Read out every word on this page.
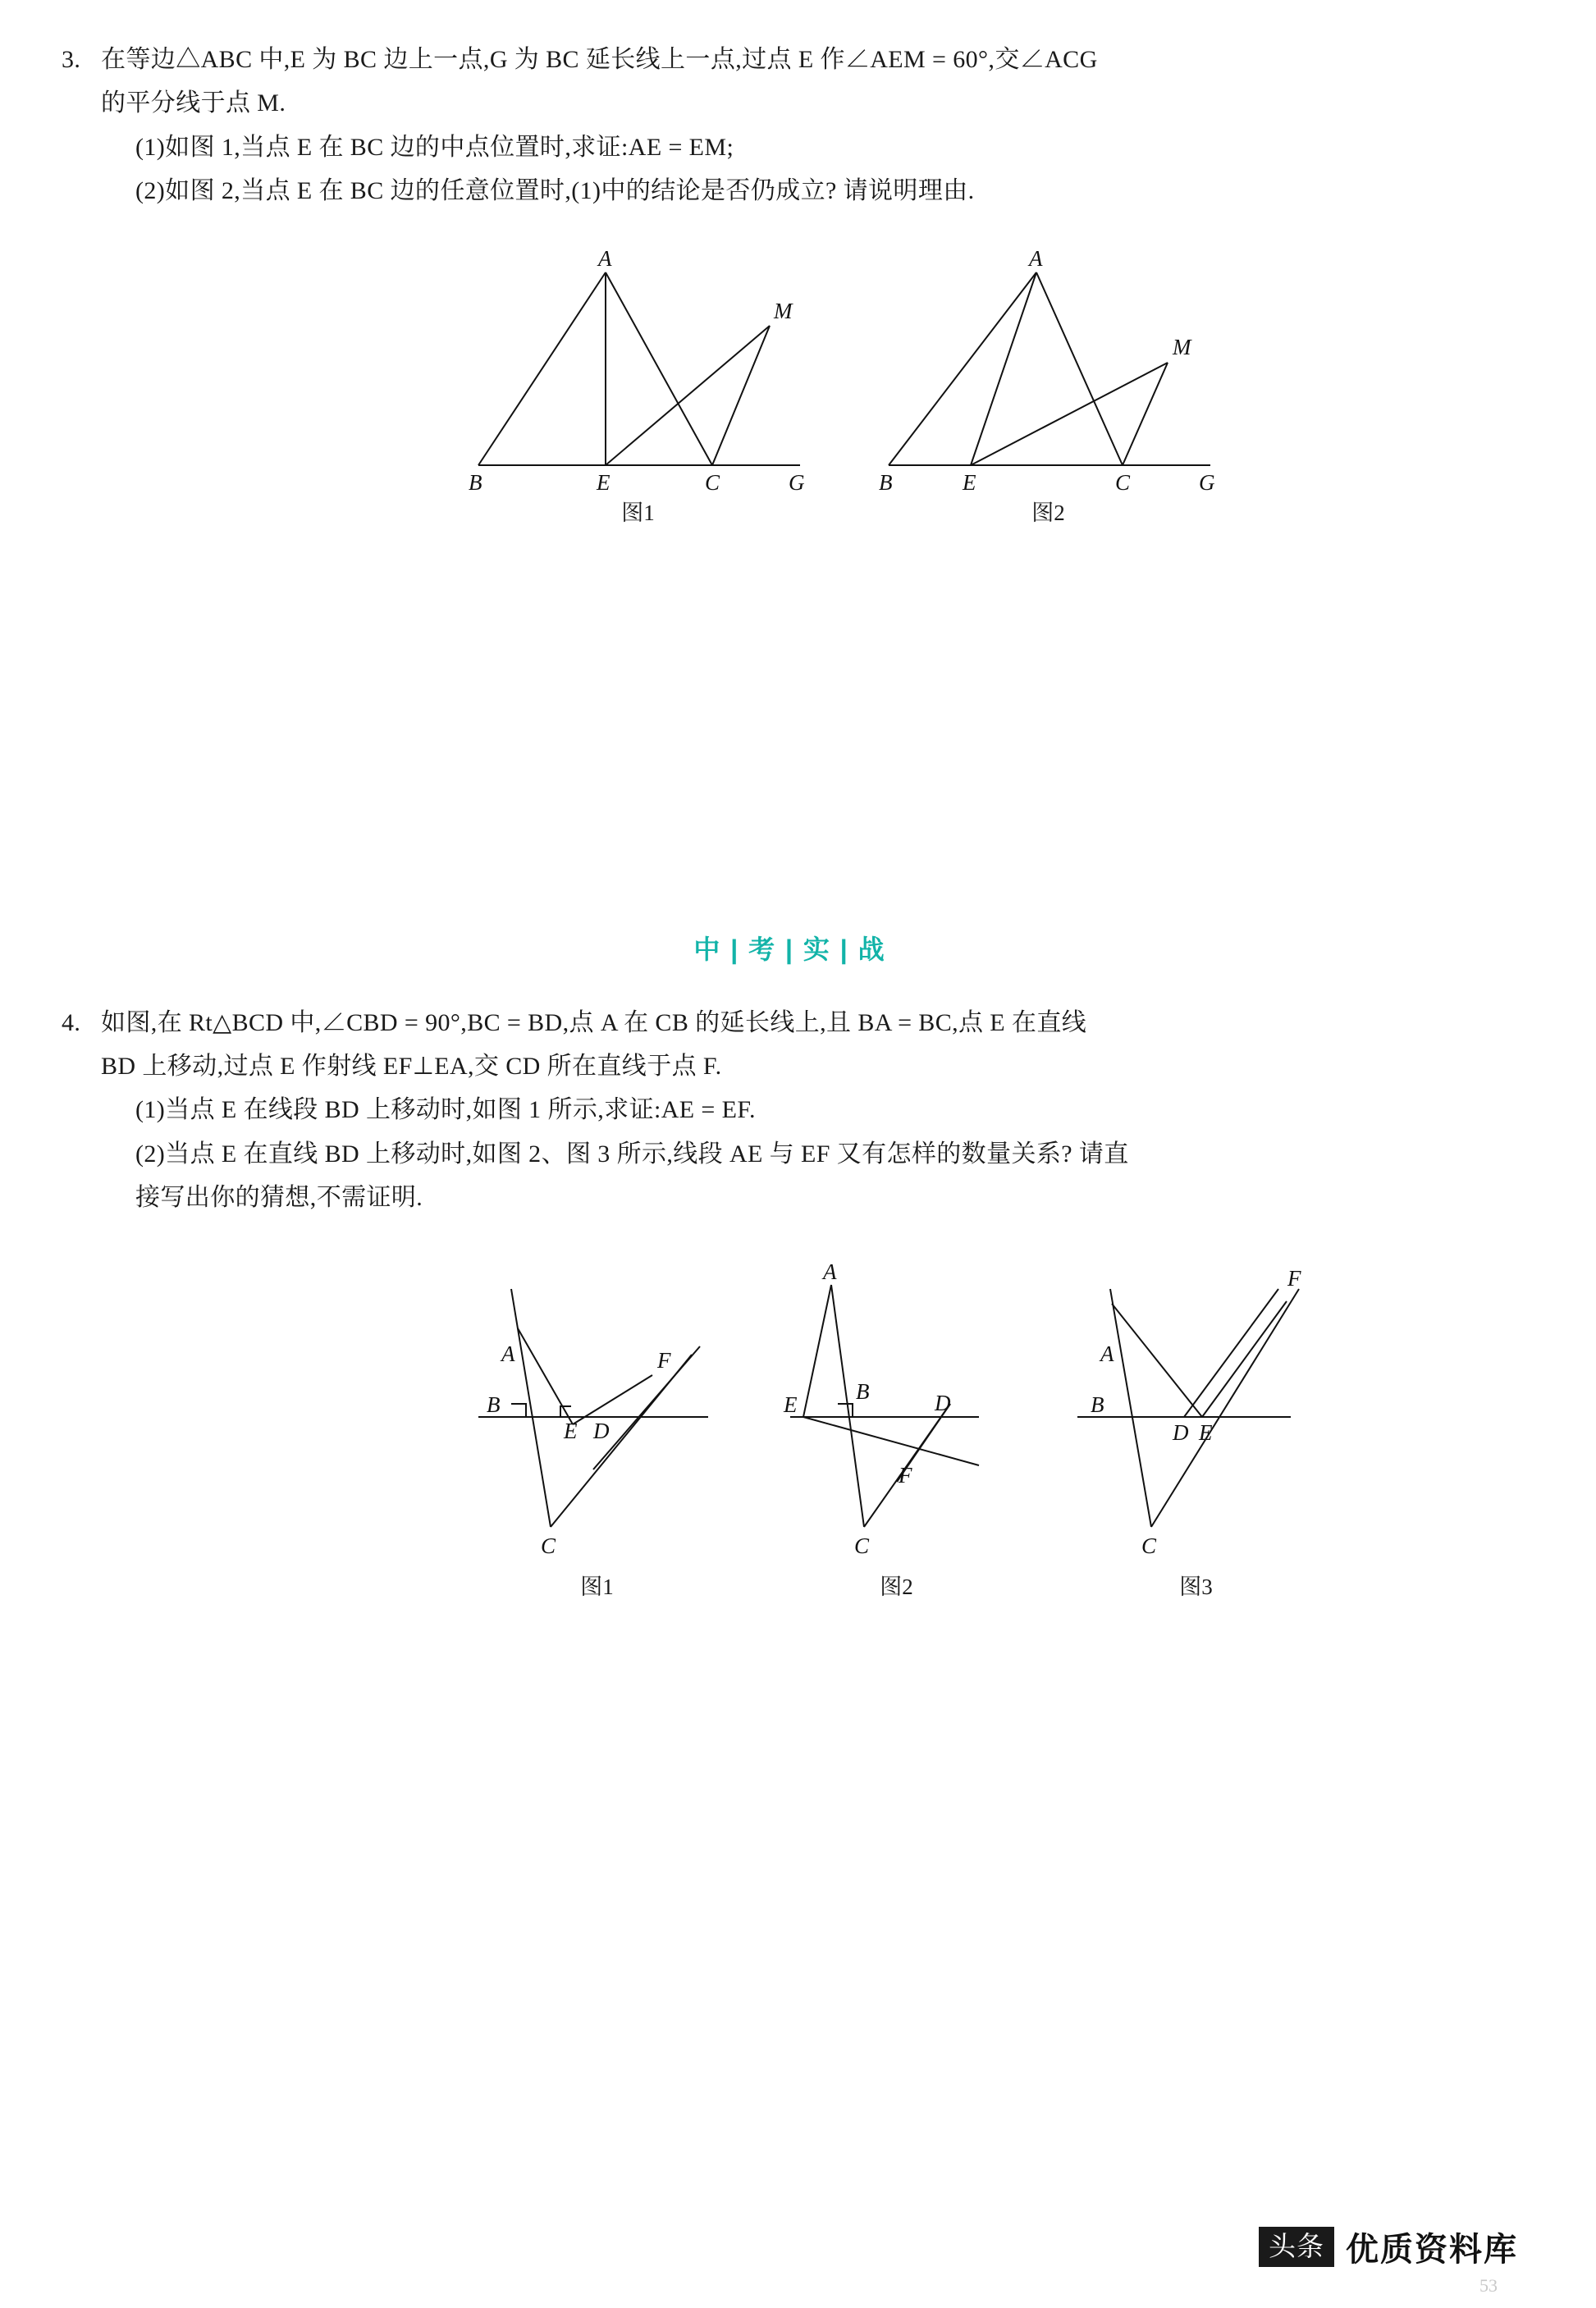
3. 在等边△ABC 中,E 为 BC 边上一点,G 为 BC 延长线上一点,过点 E 作∠AEM = 60°,交∠ACG
的平分线于点 M.
(1)如图 1,当点 E 在 BC 边的中点位置时,求证:AE = EM;
(2)如图 2,当点 E 在 BC 边的任意位置时,(1)中的结论是否仍成立? 请说明理由.
A
B	E	C	G
M
图1
A
B	E	C	G
M
图2
中 | 考 | 实 | 战
4. 如图,在 Rt△BCD 中,∠CBD = 90°,BC = BD,点 A 在 CB 的延长线上,且 BA = BC,点 E 在直线
BD 上移动,过点 E 作射线 EF⊥EA,交 CD 所在直线于点 F.
(1)当点 E 在线段 BD 上移动时,如图 1 所示,求证:AE = EF.
(2)当点 E 在直线 BD 上移动时,如图 2、图 3 所示,线段 AE 与 EF 又有怎样的数量关系? 请直
接写出你的猜想,不需证明.
A
B
C
D
E
F
图1
A
B
C
D
E
F
图2
A
B
C
D E
F
图3
头条 优质资料库
53
